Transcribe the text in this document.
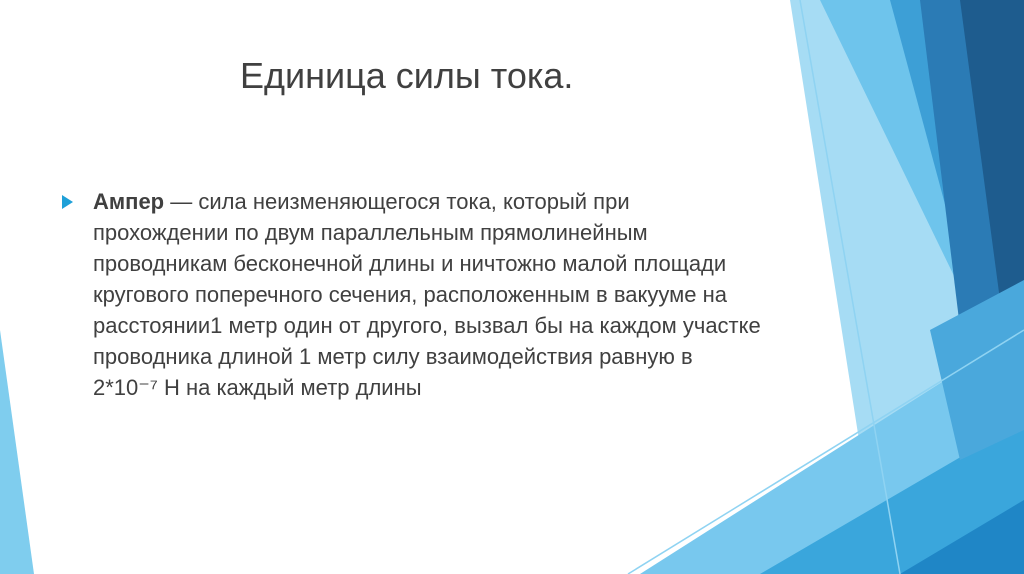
Единица силы тока.
Ампер — сила неизменяющегося тока, который при прохождении по двум параллельным прямолинейным проводникам бесконечной длины и ничтожно малой площади кругового поперечного сечения, расположенным в вакууме на расстоянии1 метр один от другого, вызвал бы на каждом участке проводника длиной 1 метр силу взаимодействия равную в 2*10⁻⁷ Н на каждый метр длины
